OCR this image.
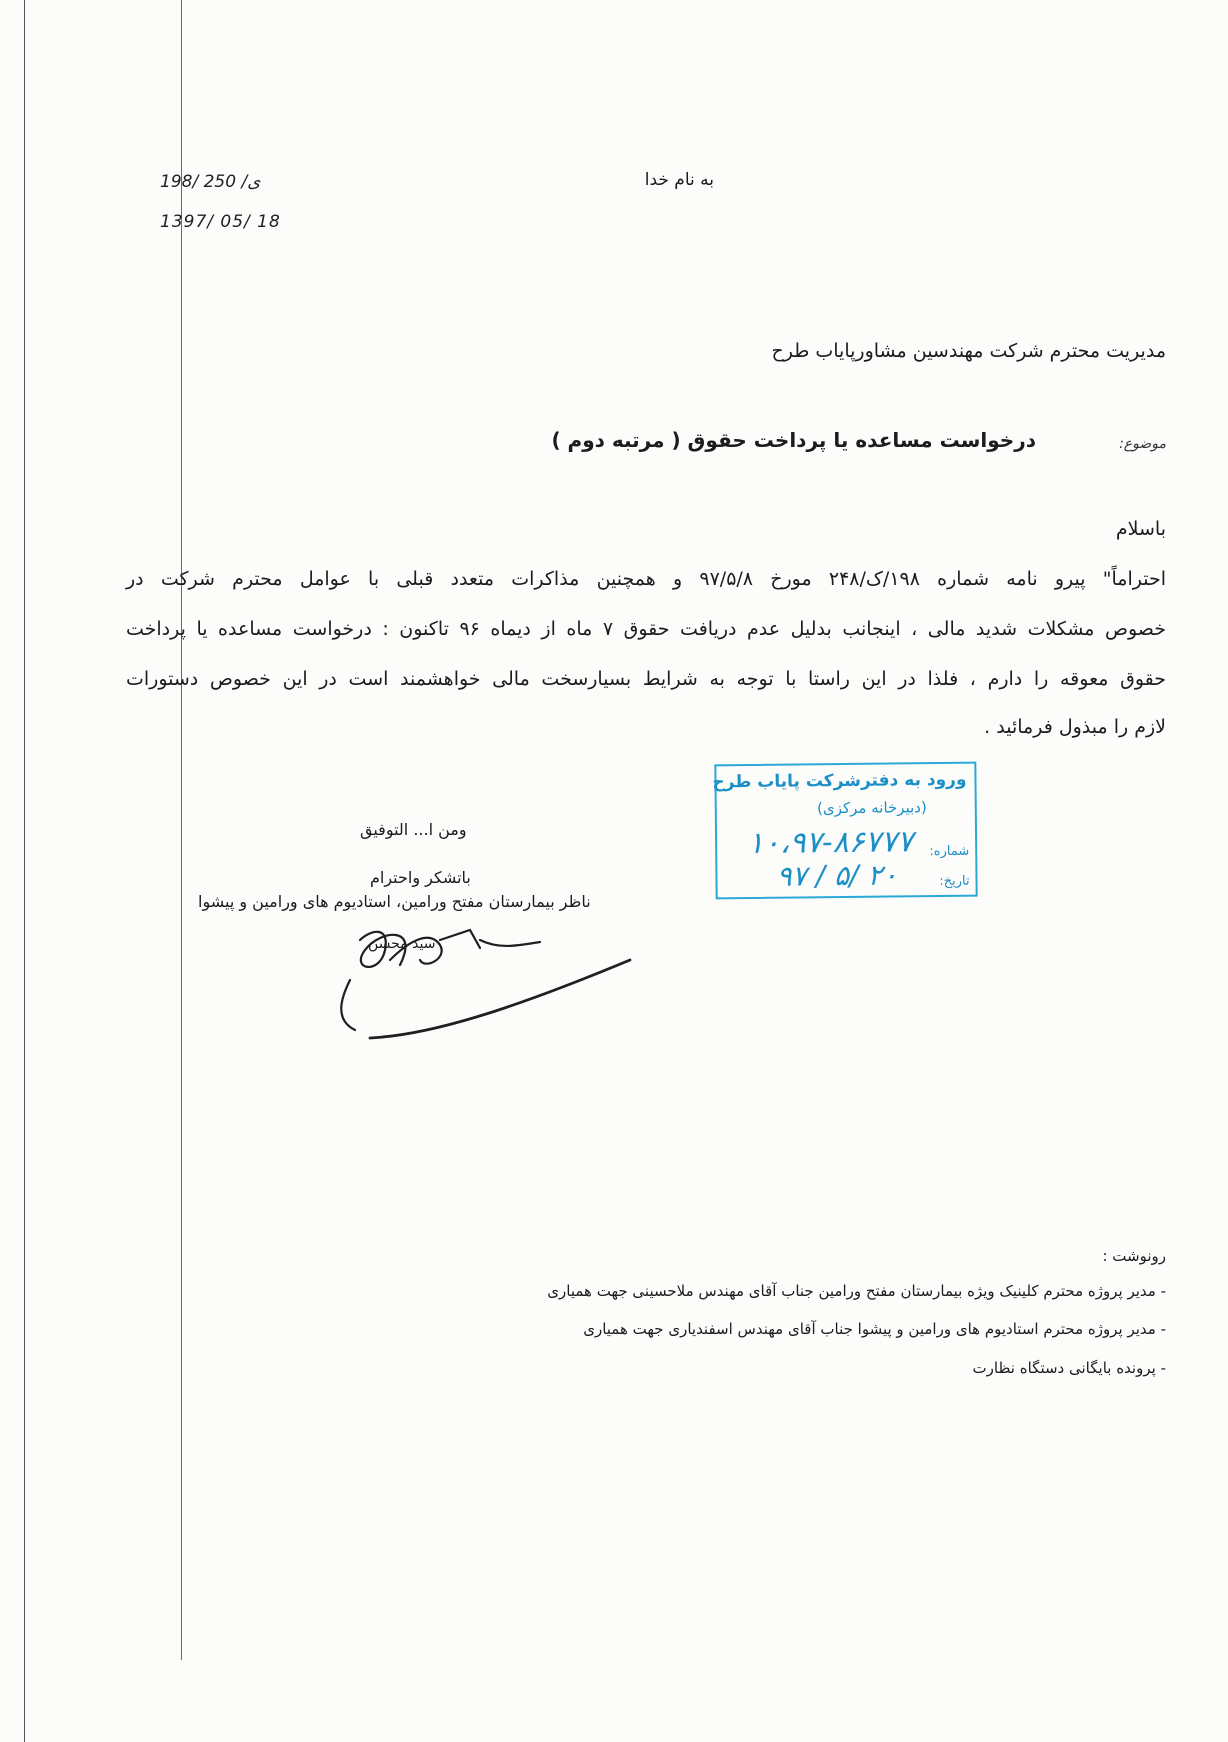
198/ ی/ 250
1397/ 05/ 18
به نام خدا
مدیریت محترم شرکت مهندسین مشاورپایاب طرح
موضوع:
درخواست مساعده یا پرداخت حقوق ( مرتبه دوم )
باسلام
احتراماً" پیرو نامه شماره ۱۹۸/ک/۲۴۸ مورخ ۹۷/۵/۸ و همچنین مذاکرات متعدد قبلی با عوامل محترم شرکت در
خصوص مشکلات شدید مالی ، اینجانب بدلیل عدم دریافت حقوق ۷ ماه از دیماه ۹۶ تاکنون : درخواست مساعده یا پرداخت
حقوق معوقه را دارم ، فلذا در این راستا با توجه به شرایط بسیارسخت مالی خواهشمند است در این خصوص دستورات
لازم را مبذول فرمائید .
ورود به دفترشرکت پایاب طرح
(دبیرخانه مرکزی)
شماره:
۱۰،۹۷-۸۶۷۷۷
تاریخ:
۹۷ / ۵/ ۲۰
ومن ا... التوفیق
باتشکر واحترام
ناظر بیمارستان مفتح ورامین، استادیوم های ورامین و پیشوا
سید محسن
رونوشت :
- مدیر پروژه محترم کلینیک ویژه بیمارستان مفتح ورامین جناب آقای مهندس ملاحسینی جهت همیاری
- مدیر پروژه محترم استادیوم های ورامین و پیشوا جناب آقای مهندس اسفندیاری جهت همیاری
- پرونده بایگانی دستگاه نظارت
